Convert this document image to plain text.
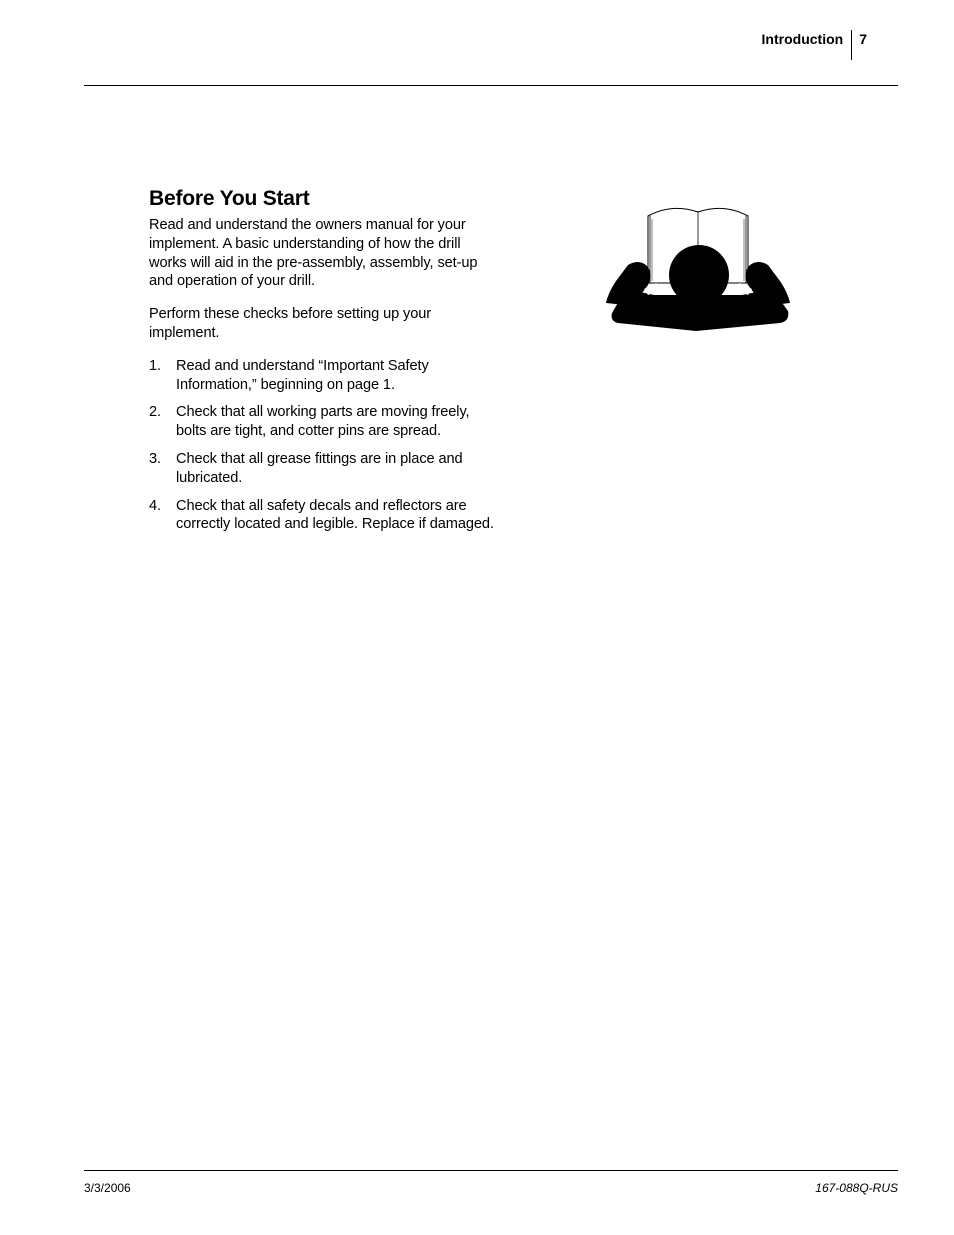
Introduction 7
Before You Start

Read and understand the owners manual for your implement. A basic understanding of how the drill works will aid in the pre-assembly, assembly, set-up and operation of your drill.

Perform these checks before setting up your implement.

1.	Read and understand “Important Safety Information,” beginning on page 1.
2.	Check that all working parts are moving freely, bolts are tight, and cotter pins are spread.
3.	Check that all grease fittings are in place and lubricated.
4.	Check that all safety decals and reflectors are correctly located and legible. Replace if damaged.
3/3/2006	167-088Q-RUS
